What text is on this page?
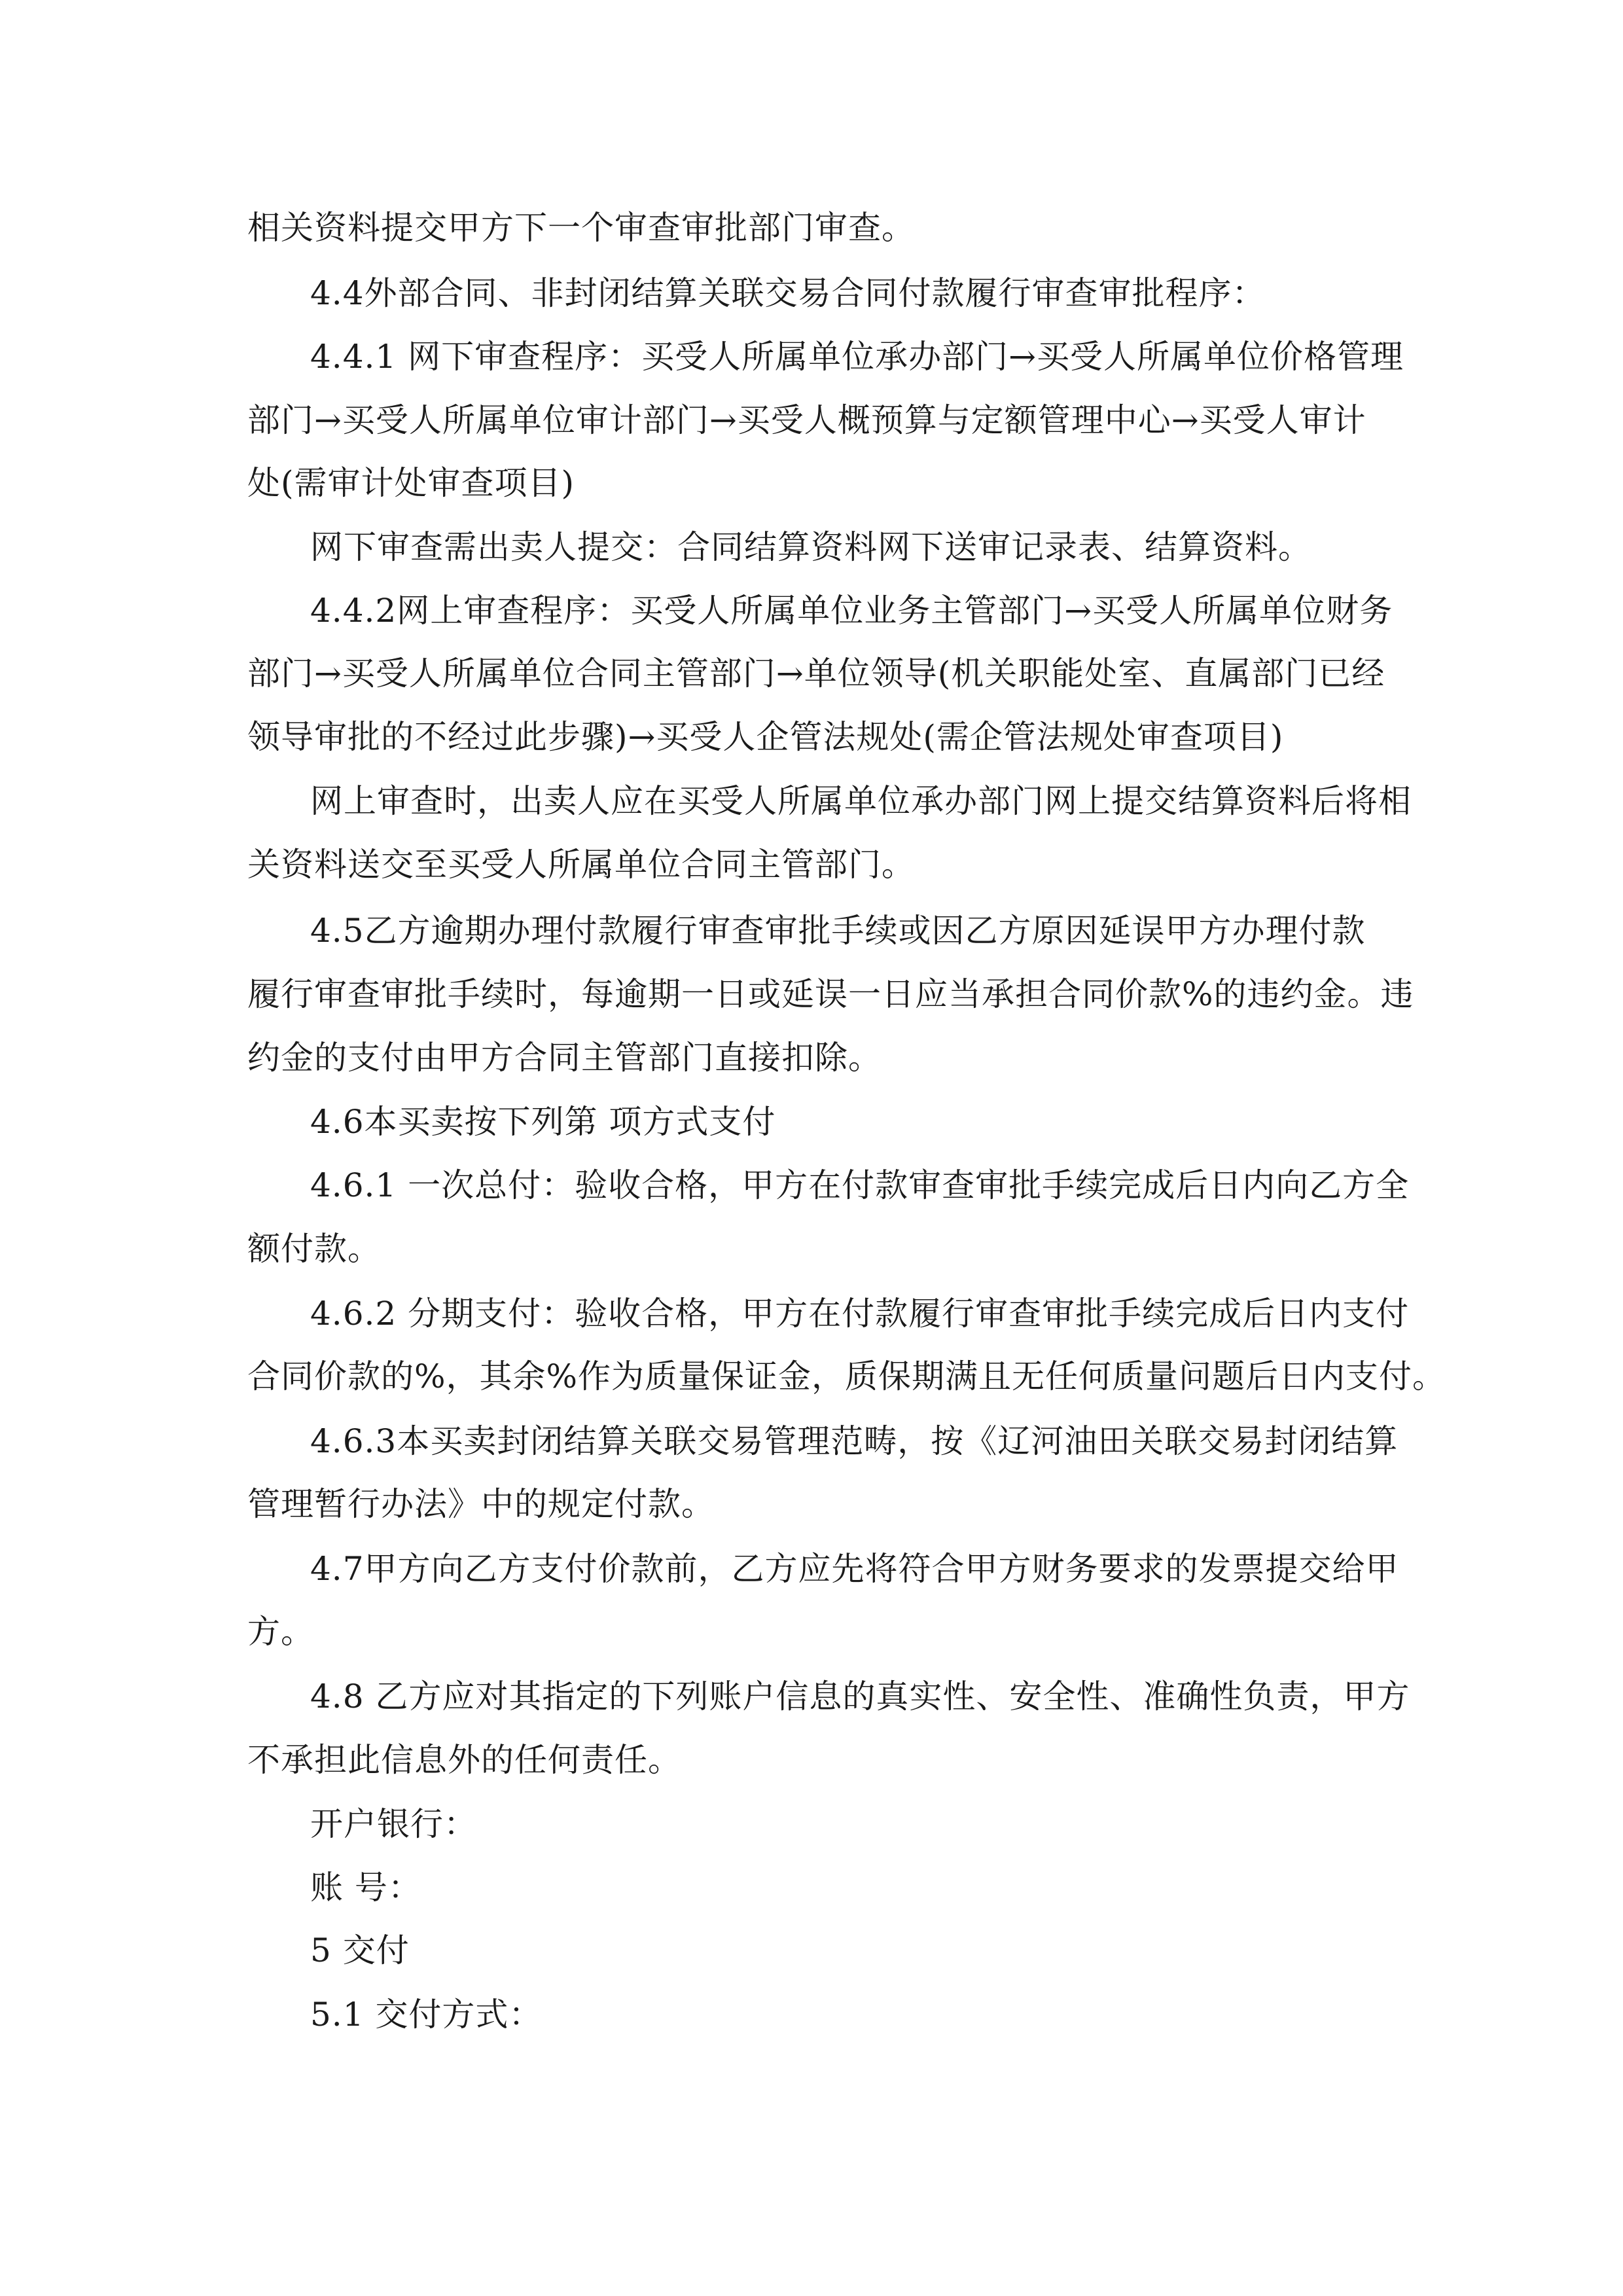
相关资料提交甲方下一个审查审批部门审查。

4.4外部合同、非封闭结算关联交易合同付款履行审查审批程序：

4.4.1 网下审查程序：买受人所属单位承办部门→买受人所属单位价格管理

部门→买受人所属单位审计部门→买受人概预算与定额管理中心→买受人审计

处(需审计处审查项目)

网下审查需出卖人提交：合同结算资料网下送审记录表、结算资料。

4.4.2网上审查程序：买受人所属单位业务主管部门→买受人所属单位财务

部门→买受人所属单位合同主管部门→单位领导(机关职能处室、直属部门已经

领导审批的不经过此步骤)→买受人企管法规处(需企管法规处审查项目)

网上审查时，出卖人应在买受人所属单位承办部门网上提交结算资料后将相

关资料送交至买受人所属单位合同主管部门。

4.5乙方逾期办理付款履行审查审批手续或因乙方原因延误甲方办理付款

履行审查审批手续时，每逾期一日或延误一日应当承担合同价款%的违约金。违

约金的支付由甲方合同主管部门直接扣除。

4.6本买卖按下列第 项方式支付

4.6.1 一次总付：验收合格，甲方在付款审查审批手续完成后日内向乙方全

额付款。

4.6.2 分期支付：验收合格，甲方在付款履行审查审批手续完成后日内支付

合同价款的%，其余%作为质量保证金，质保期满且无任何质量问题后日内支付。

4.6.3本买卖封闭结算关联交易管理范畴，按《辽河油田关联交易封闭结算

管理暂行办法》中的规定付款。

4.7甲方向乙方支付价款前，乙方应先将符合甲方财务要求的发票提交给甲

方。

4.8 乙方应对其指定的下列账户信息的真实性、安全性、准确性负责，甲方

不承担此信息外的任何责任。

开户银行：

账 号：

5 交付

5.1 交付方式：
